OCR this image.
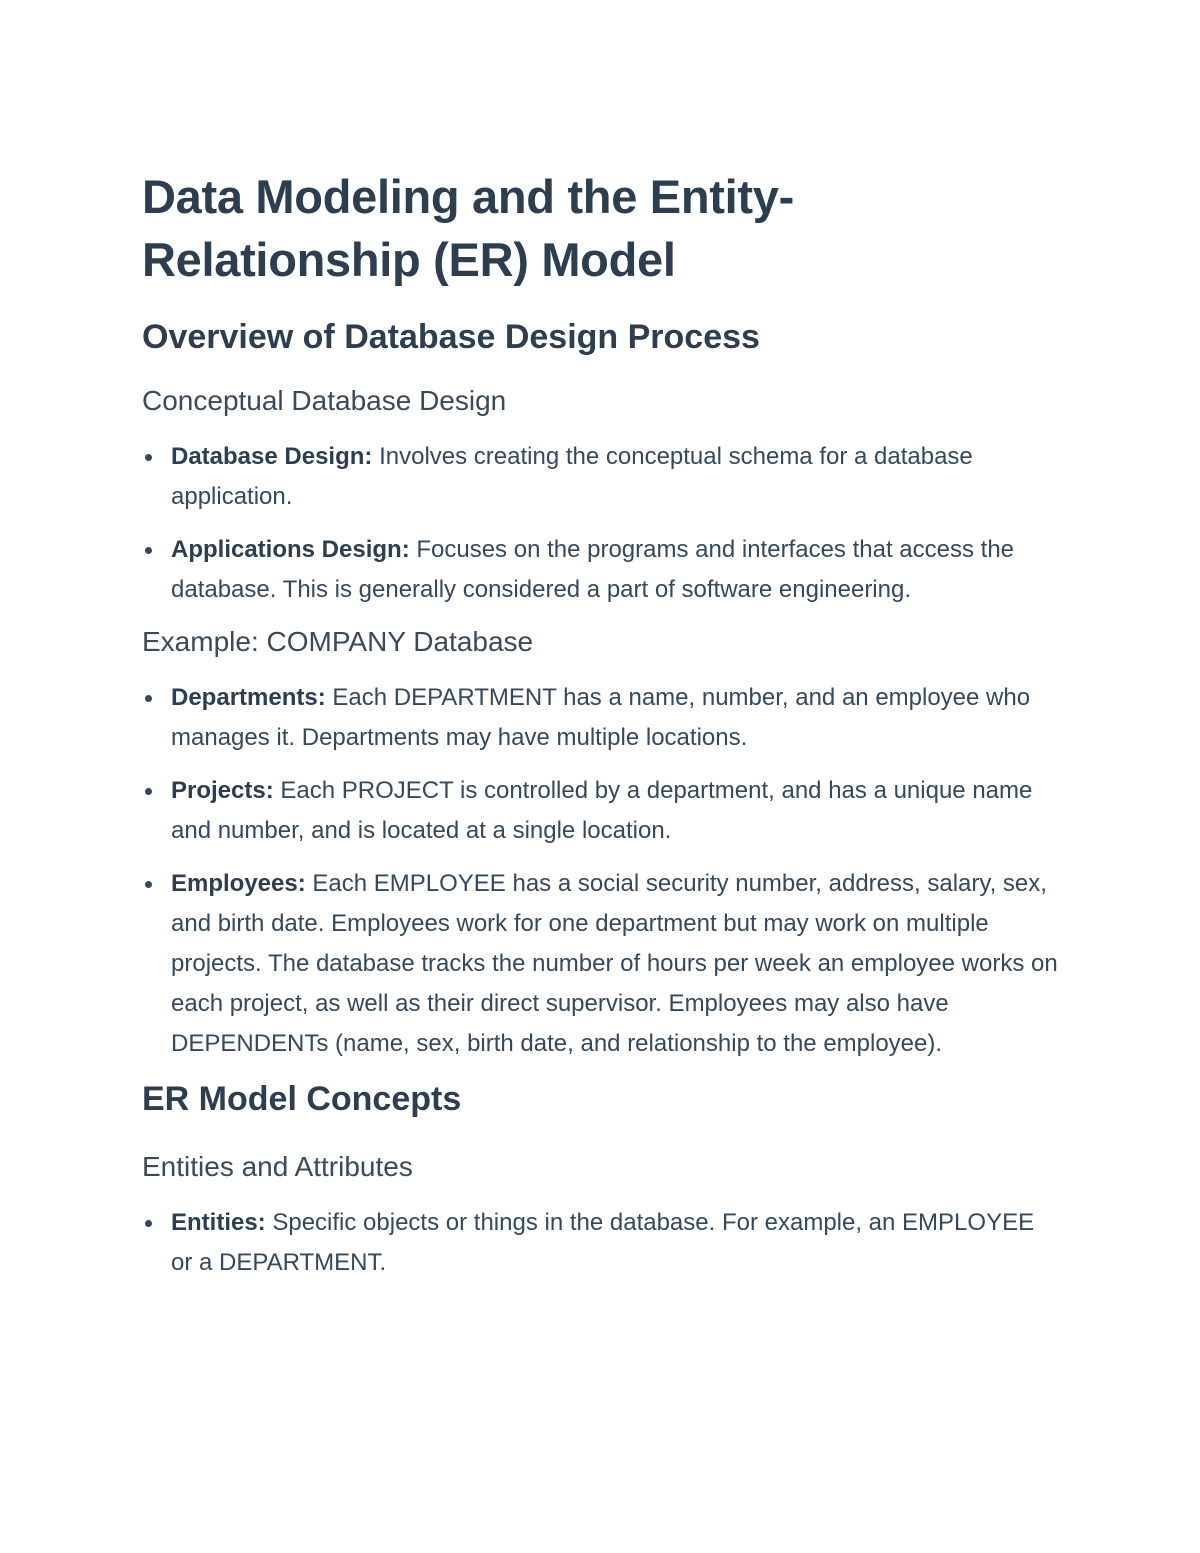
Data Modeling and the Entity-Relationship (ER) Model
Overview of Database Design Process
Conceptual Database Design
Database Design: Involves creating the conceptual schema for a database application.
Applications Design: Focuses on the programs and interfaces that access the database. This is generally considered a part of software engineering.
Example: COMPANY Database
Departments: Each DEPARTMENT has a name, number, and an employee who manages it. Departments may have multiple locations.
Projects: Each PROJECT is controlled by a department, and has a unique name and number, and is located at a single location.
Employees: Each EMPLOYEE has a social security number, address, salary, sex, and birth date. Employees work for one department but may work on multiple projects. The database tracks the number of hours per week an employee works on each project, as well as their direct supervisor. Employees may also have DEPENDENTs (name, sex, birth date, and relationship to the employee).
ER Model Concepts
Entities and Attributes
Entities: Specific objects or things in the database. For example, an EMPLOYEE or a DEPARTMENT.
